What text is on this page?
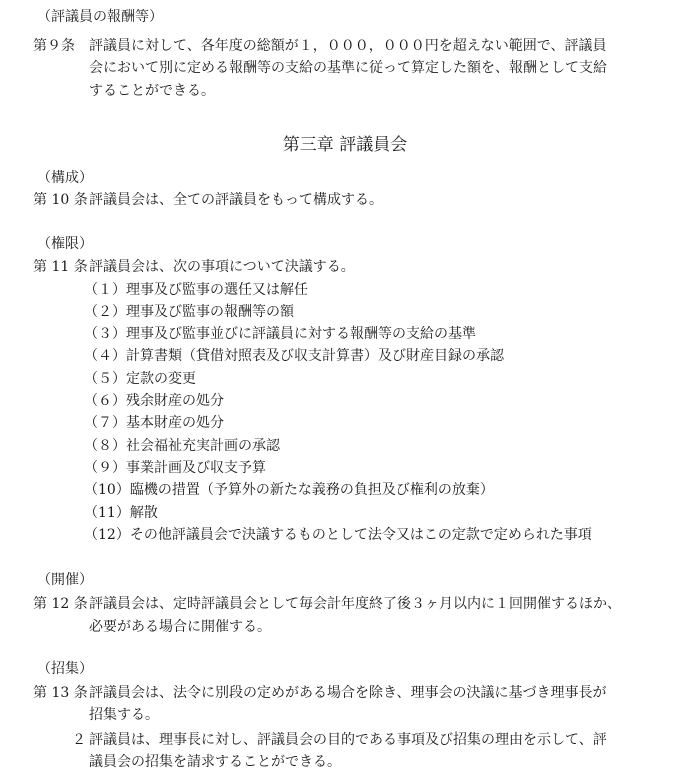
（評議員の報酬等）
第９条 評議員に対して、各年度の総額が１，０００，０００円を超えない範囲で、評議員
会において別に定める報酬等の支給の基準に従って算定した額を、報酬として支給
することができる。
第三章 評議員会
（構成）
第 10 条 評議員会は、全ての評議員をもって構成する。
（権限）
第 11 条 評議員会は、次の事項について決議する。
（１）理事及び監事の選任又は解任
（２）理事及び監事の報酬等の額
（３）理事及び監事並びに評議員に対する報酬等の支給の基準
（４）計算書類（貸借対照表及び収支計算書）及び財産目録の承認
（５）定款の変更
（６）残余財産の処分
（７）基本財産の処分
（８）社会福祉充実計画の承認
（９）事業計画及び収支予算
（10）臨機の措置（予算外の新たな義務の負担及び権利の放棄）
（11）解散
（12）その他評議員会で決議するものとして法令又はこの定款で定められた事項
（開催）
第 12 条 評議員会は、定時評議員会として毎会計年度終了後３ヶ月以内に１回開催するほか、
必要がある場合に開催する。
（招集）
第 13 条 評議員会は、法令に別段の定めがある場合を除き、理事会の決議に基づき理事長が
招集する。
２ 評議員は、理事長に対し、評議員会の目的である事項及び招集の理由を示して、評
議員会の招集を請求することができる。
